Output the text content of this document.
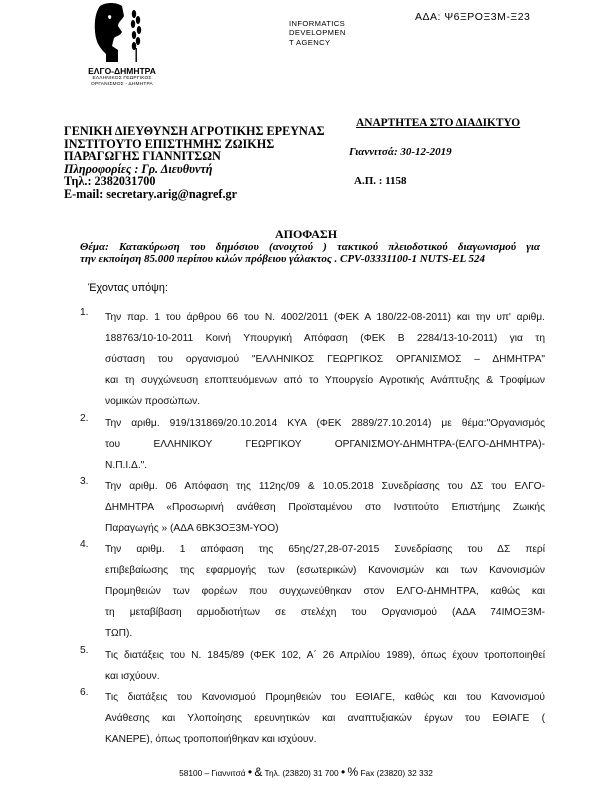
ΑΔΑ: Ψ6ΞΡΟΞ3Μ-Ξ23
ΕΛΓΟ-ΔΗΜΗΤΡΑ
ΕΛΛΗΝΙΚΟΣ ΓΕΩΡΓΙΚΟΣ
ΟΡΓΑΝΙΣΜΟΣ - ΔΗΜΗΤΡΑ
INFORMATICS
DEVELOPMEN
T AGENCY
ΓΕΝΙΚΗ ΔΙΕΥΘΥΝΣΗ ΑΓΡΟΤΙΚΗΣ ΕΡΕΥΝΑΣ
ΙΝΣΤΙΤΟΥΤΟ ΕΠΙΣΤΗΜΗΣ ΖΩΙΚΗΣ
ΠΑΡΑΓΩΓΗΣ ΓΙΑΝΝΙΤΣΩΝ
Πληροφορίες : Γρ. Διευθυντή
Τηλ.: 2382031700
E-mail: secretary.arig@nagref.gr
ΑΝΑΡΤΗΤΕΑ ΣΤΟ ΔΙΑΔΙΚΤΥΟ
Γιαννιτσά: 30-12-2019
Α.Π. : 1158
ΑΠΟΦΑΣΗ
Θέμα: Κατακύρωση του δημόσιου (ανοιχτού ) τακτικού πλειοδοτικού διαγωνισμού για
την εκποίηση 85.000 περίπου κιλών πρόβειου γάλακτος . CPV-03331100-1 NUTS-EL 524
Έχοντας υπόψη:
1. Την παρ. 1 του άρθρου 66 του Ν. 4002/2011 (ΦΕΚ Α 180/22-08-2011) και την υπ' αριθμ.
188763/10-10-2011 Κοινή Υπουργική Απόφαση (ΦΕΚ Β 2284/13-10-2011) για τη
σύσταση του οργανισμού "ΕΛΛΗΝΙΚΟΣ ΓΕΩΡΓΙΚΟΣ ΟΡΓΑΝΙΣΜΟΣ – ΔΗΜΗΤΡΑ"
και τη συγχώνευση εποπτευόμενων από το Υπουργείο Αγροτικής Ανάπτυξης & Τροφίμων
νομικών προσώπων.
2. Την αριθμ. 919/131869/20.10.2014 ΚΥΑ (ΦΕΚ 2889/27.10.2014) με θέμα:"Οργανισμός
του ΕΛΛΗΝΙΚΟΥ ΓΕΩΡΓΙΚΟΥ ΟΡΓΑΝΙΣΜΟΥ-ΔΗΜΗΤΡΑ-(ΕΛΓΟ-ΔΗΜΗΤΡΑ)-
Ν.Π.Ι.Δ.".
3. Την αριθμ. 06 Απόφαση της 112ης/09 & 10.05.2018 Συνεδρίασης του ΔΣ του ΕΛΓΟ-
ΔΗΜΗΤΡΑ «Προσωρινή ανάθεση Προϊσταμένου στο Ινστιτούτο Επιστήμης Ζωικής
Παραγωγής » (ΑΔΑ 6ΒΚ3ΟΞ3Μ-ΥΟΟ)
4. Την αριθμ. 1 απόφαση της 65ης/27,28-07-2015 Συνεδρίασης του ΔΣ περί
επιβεβαίωσης της εφαρμογής των (εσωτερικών) Κανονισμών και των Κανονισμών
Προμηθειών των φορέων που συγχωνεύθηκαν στον ΕΛΓΟ-ΔΗΜΗΤΡΑ, καθώς και
τη μεταβίβαση αρμοδιοτήτων σε στελέχη του Οργανισμού (ΑΔΑ 74ΙΜΟΞ3Μ-
ΤΩΠ).
5. Τις διατάξεις του Ν. 1845/89 (ΦΕΚ 102, Α΄ 26 Απριλίου 1989), όπως έχουν τροποποιηθεί
και ισχύουν.
6. Τις διατάξεις του Κανονισμού Προμηθειών του ΕΘΙΑΓΕ, καθώς και του Κανονισμού
Ανάθεσης και Υλοποίησης ερευνητικών και αναπτυξιακών έργων του ΕΘΙΑΓΕ (
ΚΑΝΕΡΕ), όπως τροποποιήθηκαν και ισχύουν.
58100 – Γιαννιτσά • & Τηλ. (23820) 31 700 • % Fax (23820) 32 332
